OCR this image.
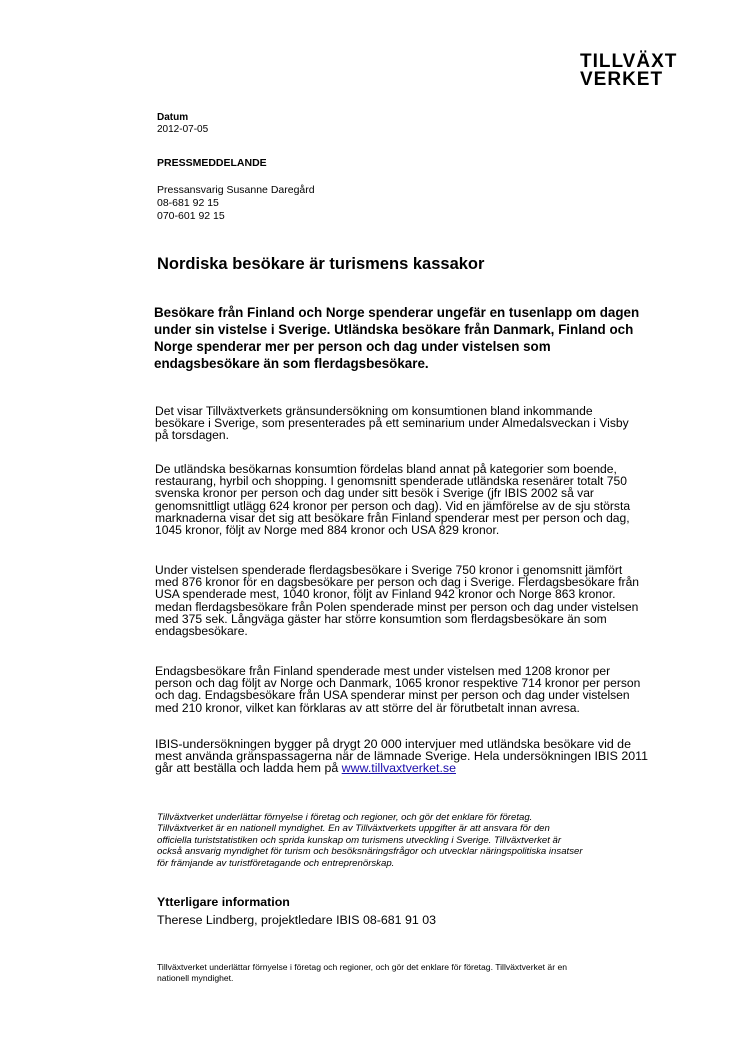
TILLVÄXT
VERKET
Datum
2012-07-05
PRESSMEDDELANDE
Pressansvarig Susanne Daregård
08-681 92 15
070-601 92 15
Nordiska besökare är turismens kassakor
Besökare från Finland och Norge spenderar ungefär en tusenlapp om dagen
under sin vistelse i Sverige. Utländska besökare från Danmark, Finland och
Norge spenderar mer per person och dag under vistelsen som
endagsbesökare än som flerdagsbesökare.
Det visar Tillväxtverkets gränsundersökning om konsumtionen bland inkommande
besökare i Sverige, som presenterades på ett seminarium under Almedalsveckan i Visby
på torsdagen.
De utländska besökarnas konsumtion fördelas bland annat på kategorier som boende,
restaurang, hyrbil och shopping. I genomsnitt spenderade utländska resenärer totalt 750
svenska kronor per person och dag under sitt besök i Sverige (jfr IBIS 2002 så var
genomsnittligt utlägg 624 kronor per person och dag). Vid en jämförelse av de sju största
marknaderna visar det sig att besökare från Finland spenderar mest per person och dag,
1045 kronor, följt av Norge med 884 kronor och USA 829 kronor.
Under vistelsen spenderade flerdagsbesökare i Sverige 750 kronor i genomsnitt jämfört
med 876 kronor för en dagsbesökare per person och dag i Sverige. Flerdagsbesökare från
USA spenderade mest, 1040 kronor, följt av Finland 942 kronor och Norge 863 kronor.
medan flerdagsbesökare från Polen spenderade minst per person och dag under vistelsen
med 375 sek. Långväga gäster har större konsumtion som flerdagsbesökare än som
endagsbesökare.
Endagsbesökare från Finland spenderade mest under vistelsen med 1208 kronor per
person och dag följt av Norge och Danmark, 1065 kronor respektive 714 kronor per person
och dag. Endagsbesökare från USA spenderar minst per person och dag under vistelsen
med 210 kronor, vilket kan förklaras av att större del är förutbetalt innan avresa.
IBIS-undersökningen bygger på drygt 20 000 intervjuer med utländska besökare vid de
mest använda gränspassagerna när de lämnade Sverige. Hela undersökningen IBIS 2011
går att beställa och ladda hem på www.tillvaxtverket.se
Tillväxtverket underlättar förnyelse i företag och regioner, och gör det enklare för företag.
Tillväxtverket är en nationell myndighet. En av Tillväxtverkets uppgifter är att ansvara för den
officiella turiststatistiken och sprida kunskap om turismens utveckling i Sverige. Tillväxtverket är
också ansvarig myndighet för turism och besöksnäringsfrågor och utvecklar näringspolitiska insatser
för främjande av turistföretagande och entreprenörskap.
Ytterligare information
Therese Lindberg, projektledare IBIS 08-681 91 03
Tillväxtverket underlättar förnyelse i företag och regioner, och gör det enklare för företag. Tillväxtverket är en
nationell myndighet.
